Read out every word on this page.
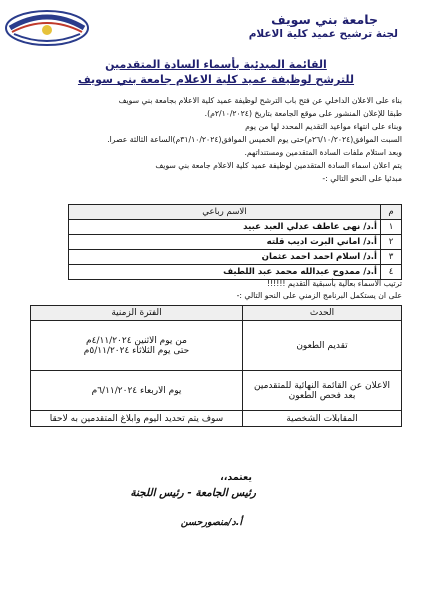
جامعة بني سويف
لجنة ترشيح عميد كلية الاعلام
القائمة المبدئية بأسماء السادة المتقدمين
للترشح لوظيفة عميد كلية الاعلام جامعة بني سويف
بناء على الاعلان الداخلي عن فتح باب الترشح لوظيفة عميد كلية الاعلام بجامعة بني سويف
طبقا للإعلان المنشور على موقع الجامعة بتاريخ (٢/١٠/٢٠٢٤م).
وبناء على انتهاء مواعيد التقديم المحدد لها من يوم
السبت الموافق(٢٦/١٠/٢٠٢٤م)حتى يوم الخميس الموافق(٣١/١٠/٢٠٢٤م)الساعة الثالثة عصرا.
وبعد استلام ملفات السادة المتقدمين ومستنداتهم.
يتم اعلان اسماء السادة المتقدمين لوظيفة عميد كلية الاعلام جامعة بني سويف
مبدئيا على النحو التالي :-
م	الاسم رباعي
١	أ.د/ نهى عاطف عدلي العبد عبيد
٢	أ.د/ اماني البرت اديب قلته
٣	أ.د/ اسلام احمد احمد عثمان
٤	أ.د/ ممدوح عبدالله محمد عبد اللطيف
ترتيب الاسماء بعالية بأسبقية التقديم !!!!!!
على ان يستكمل البرنامج الزمني على النحو التالي :-
الحدث	الفترة الزمنية
تقديم الطعون	من يوم الاثنين ٤/١١/٢٠٢٤م
حتى يوم الثلاثاء ٥/١١/٢٠٢٤م

الاعلان عن القائمة النهائية للمتقدمين بعد فحص الطعون	يوم الاربعاء ٦/١١/٢٠٢٤م
المقابلات الشخصية	سوف يتم تحديد اليوم وابلاغ المتقدمين به لاحقا
يعتمد،،
رئيس الجامعة - رئيس اللجنة
أ.د/منصورحسن
